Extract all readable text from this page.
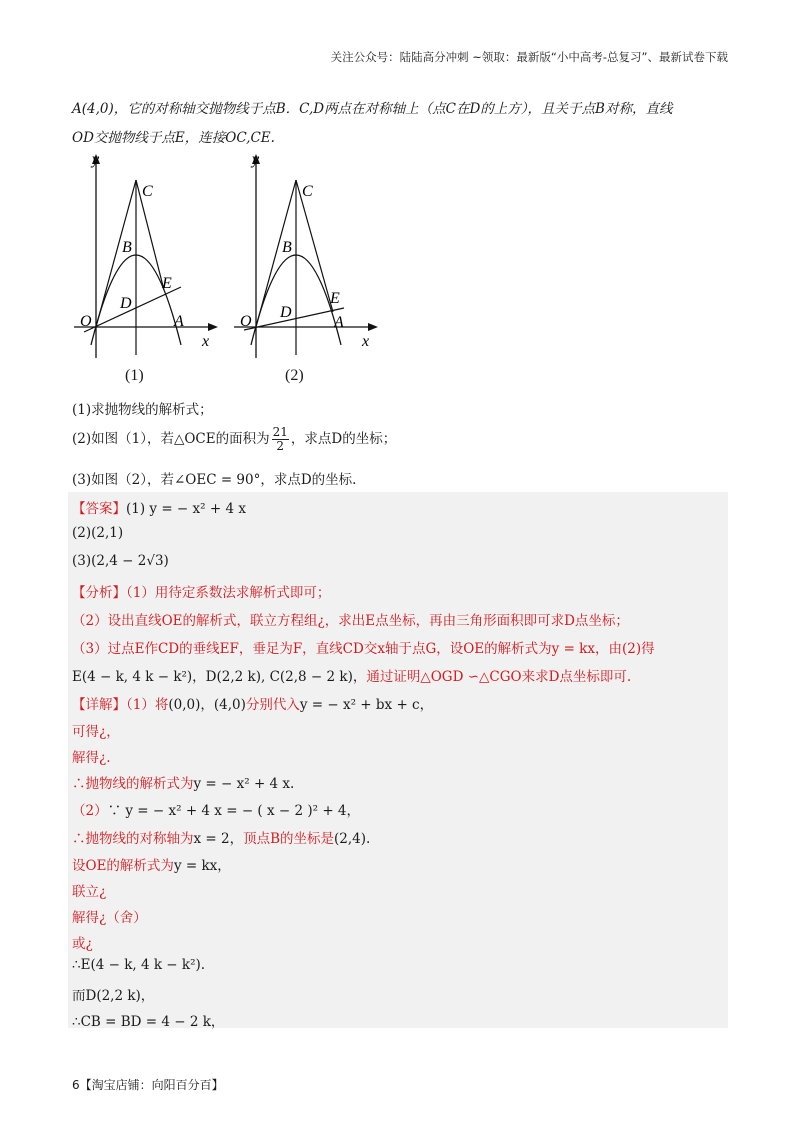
关注公众号：陆陆高分冲刺 ~领取：最新版“小中高考-总复习”、最新试卷下载
A(4,0)，它的对称轴交抛物线于点B．C,D两点在对称轴上（点C在D的上方），且关于点B对称，直线
OD交抛物线于点E，连接OC,CE.
y
C
B
E
D
O	A
x
(1)
y
C
B
E
D
O	A
x
(2)
(1)求抛物线的解析式；
(2)如图（1），若△OCE的面积为 $\frac{21}{2}$ ，求点D的坐标；
(3)如图（2），若∠OEC = 90°，求点D的坐标.
【答案】(1) y = − x² + 4 x
(2)(2,1)
(3)(2,4 − 2√3)
【分析】（1）用待定系数法求解析式即可；
（2）设出直线OE的解析式，联立方程组¿，求出E点坐标，再由三角形面积即可求D点坐标；
（3）过点E作CD的垂线EF，垂足为F，直线CD交x轴于点G，设OE的解析式为y = kx，由(2)得
E(4 − k, 4 k − k²)，D(2,2 k), C(2,8 − 2 k)，通过证明△OGD ∽△CGO来求D点坐标即可.
【详解】（1）将(0,0)，(4,0)分别代入y = − x² + bx + c，
可得¿，
解得¿.
∴抛物线的解析式为y = − x² + 4 x.
（2）∵ y = − x² + 4 x = − ( x − 2 )² + 4，
∴抛物线的对称轴为x = 2，顶点B的坐标是(2,4).
设OE的解析式为y = kx，
联立¿
解得¿（舍）
或¿
∴E(4 − k, 4 k − k²).
而D(2,2 k)，
∴CB = BD = 4 − 2 k，
6【淘宝店铺：向阳百分百】
